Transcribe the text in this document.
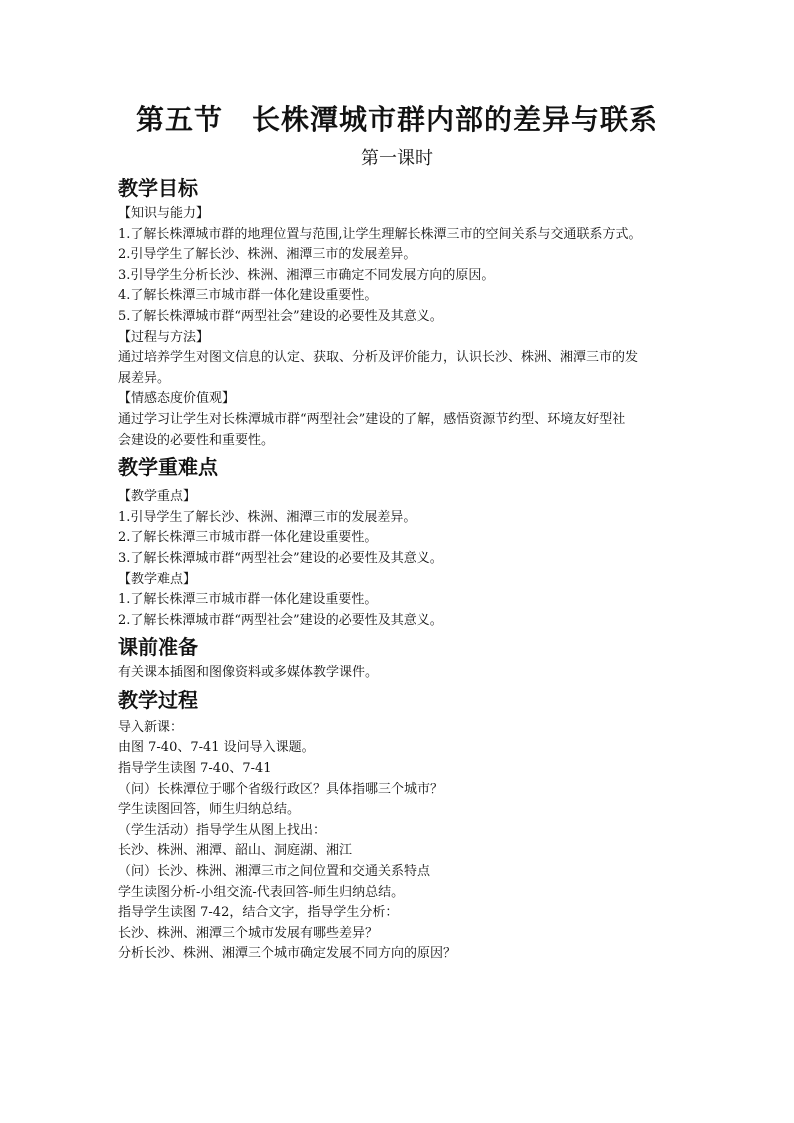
第五节　长株潭城市群内部的差异与联系

第一课时

教学目标

【知识与能力】

1.了解长株潭城市群的地理位置与范围,让学生理解长株潭三市的空间关系与交通联系方式。

2.引导学生了解长沙、株洲、湘潭三市的发展差异。

3.引导学生分析长沙、株洲、湘潭三市确定不同发展方向的原因。

4.了解长株潭三市城市群一体化建设重要性。

5.了解长株潭城市群“两型社会”建设的必要性及其意义。

【过程与方法】

通过培养学生对图文信息的认定、获取、分析及评价能力，认识长沙、株洲、湘潭三市的发

展差异。

【情感态度价值观】

通过学习让学生对长株潭城市群“两型社会”建设的了解，感悟资源节约型、环境友好型社

会建设的必要性和重要性。

教学重难点

【教学重点】

1.引导学生了解长沙、株洲、湘潭三市的发展差异。

2.了解长株潭三市城市群一体化建设重要性。

3.了解长株潭城市群“两型社会”建设的必要性及其意义。

【教学难点】

1.了解长株潭三市城市群一体化建设重要性。

2.了解长株潭城市群“两型社会”建设的必要性及其意义。

课前准备

有关课本插图和图像资料或多媒体教学课件。

教学过程

导入新课：

由图 7-40、7-41 设问导入课题。

指导学生读图 7-40、7-41

（问）长株潭位于哪个省级行政区？具体指哪三个城市？

学生读图回答，师生归纳总结。

（学生活动）指导学生从图上找出：

长沙、株洲、湘潭、韶山、洞庭湖、湘江

（问）长沙、株洲、湘潭三市之间位置和交通关系特点

学生读图分析-小组交流-代表回答-师生归纳总结。

指导学生读图 7-42，结合文字，指导学生分析：

长沙、株洲、湘潭三个城市发展有哪些差异？

分析长沙、株洲、湘潭三个城市确定发展不同方向的原因？
